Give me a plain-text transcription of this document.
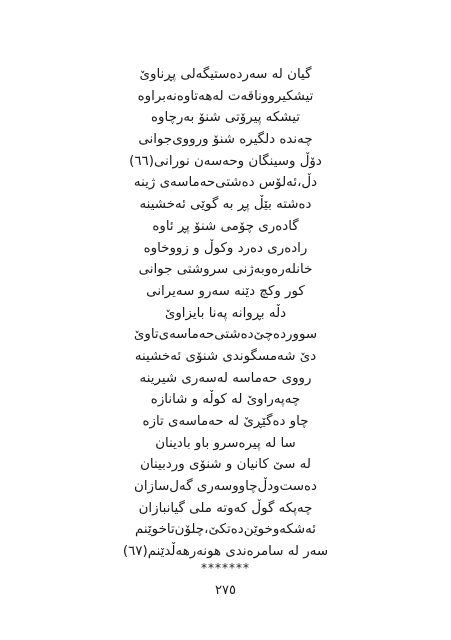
گیان لە سەردەستیگەلی پڕناوێ
تیشکیرووناقەت لەهەتاوەنەبراوە
تیشکە پیرۆتی شنۆ بەرچاوە
چەندە دلگیرە شنۆ ورووی‌جوانی
دۆڵ وسینگان وحەسەن نورانی(٦٦)
دڵ،ئەلۆس دەشتی‌حەماسەی ژینە
دەشتە بێڵ پڕ بە گوێی ئەخشینە
گادەری چۆمی شنۆ پڕ ئاوە
رادەری دەرد وکوڵ و زووخاوە
خانلەرەوبەژنی سروشتی جوانی
کور وکچ دێنە سەرو سەیرانی
دڵە بڕوانە پەنا بایزاوێ
سووردەچێ‌دەشتی‌حەماسەی‌تاوێ
دێ شەمسگوندی شنۆی ئەخشینە
رووی حەماسە لەسەری شیرینە
چەپەراوێ لە کوڵە و شانازە
چاو دەگێڕیٚ لە حەماسەی تازە
سا لە پیرەسرو باو بادینان
لە سێ کانیان و شنۆی وردبینان
دەست‌ودڵ‌چاووسەری گەل‌سازان
چەپکە گوڵ کەوتە ملی گیانبازان
ئەشکەوخوێن‌دەتکێ،چلۆن‌تاخوێنم
سەر لە سامرەندی هونەرهەڵدێنم(٦٧)
*******
٢٧٥
